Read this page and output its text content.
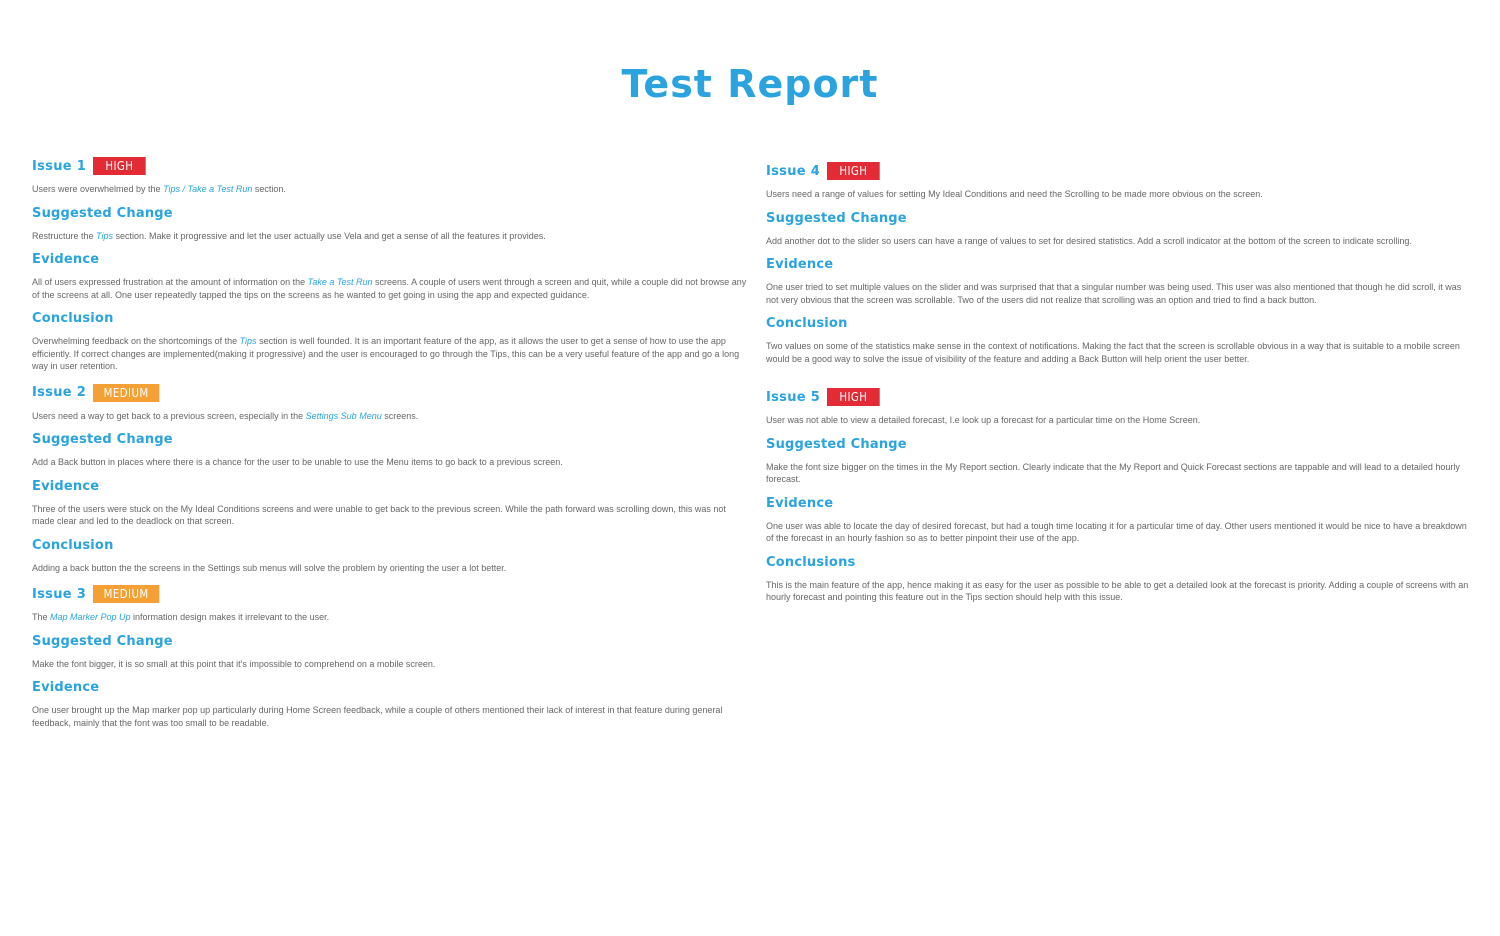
Test Report
Issue 1	HIGH

Users were overwhelmed by the Tips / Take a Test Run section.

Suggested Change

Restructure the Tips section. Make it progressive and let the user actually use Vela and get a sense of all the features it provides.

Evidence

All of users expressed frustration at the amount of information on the Take a Test Run screens. A couple of users went through a screen and quit, while a couple did not browse any of the screens at all. One user repeatedly tapped the tips on the screens as he wanted to get going in using the app and expected guidance.

Conclusion

Overwhelming feedback on the shortcomings of the Tips section is well founded. It is an important feature of the app, as it allows the user to get a sense of how to use the app efficiently. If correct changes are implemented(making it progressive) and the user is encouraged to go through the Tips, this can be a very useful feature of the app and go a long way in user retention.

Issue 2	MEDIUM

Users need a way to get back to a previous screen, especially in the Settings Sub Menu screens.

Suggested Change

Add a Back button in places where there is a chance for the user to be unable to use the Menu items to go back to a previous screen.

Evidence

Three of the users were stuck on the My Ideal Conditions screens and were unable to get back to the previous screen. While the path forward was scrolling down, this was not made clear and led to the deadlock on that screen.

Conclusion

Adding a back button the the screens in the Settings sub menus will solve the problem by orienting the user a lot better.

Issue 3	MEDIUM

The Map Marker Pop Up information design makes it irrelevant to the user.

Suggested Change

Make the font bigger, it is so small at this point that it's impossible to comprehend on a mobile screen.

Evidence

One user brought up the Map marker pop up particularly during Home Screen feedback, while a couple of others mentioned their lack of interest in that feature during general feedback, mainly that the font was too small to be readable.

Issue 4	HIGH

Users need a range of values for setting My Ideal Conditions and need the Scrolling to be made more obvious on the screen.

Suggested Change

Add another dot to the slider so users can have a range of values to set for desired statistics. Add a scroll indicator at the bottom of the screen to indicate scrolling.

Evidence

One user tried to set multiple values on the slider and was surprised that that a singular number was being used. This user was also mentioned that though he did scroll, it was not very obvious that the screen was scrollable. Two of the users did not realize that scrolling was an option and tried to find a back button.

Conclusion

Two values on some of the statistics make sense in the context of notifications. Making the fact that the screen is scrollable obvious in a way that is suitable to a mobile screen would be a good way to solve the issue of visibility of the feature and adding a Back Button will help orient the user better.

Issue 5	HIGH

User was not able to view a detailed forecast, I.e look up a forecast for a particular time on the Home Screen.

Suggested Change

Make the font size bigger on the times in the My Report section. Clearly indicate that the My Report and Quick Forecast sections are tappable and will lead to a detailed hourly forecast.

Evidence

One user was able to locate the day of desired forecast, but had a tough time locating it for a particular time of day. Other users mentioned it would be nice to have a breakdown of the forecast in an hourly fashion so as to better pinpoint their use of the app.

Conclusions

This is the main feature of the app, hence making it as easy for the user as possible to be able to get a detailed look at the forecast is priority. Adding a couple of screens with an hourly forecast and pointing this feature out in the Tips section should help with this issue.
